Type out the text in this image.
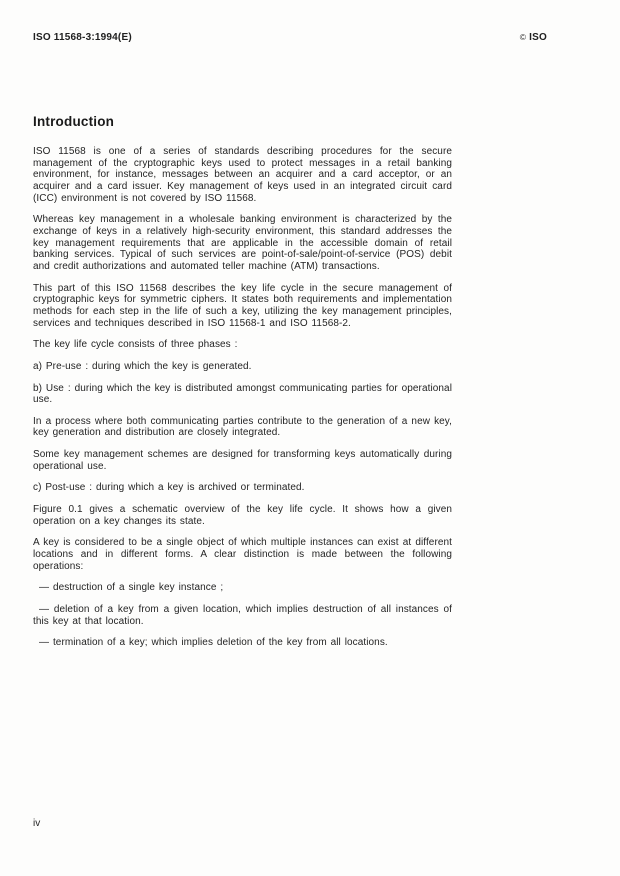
ISO 11568-3:1994(E)	© ISO
Introduction

ISO 11568 is one of a series of standards describing procedures for the secure management of the cryptographic keys used to protect messages in a retail banking environment, for instance, messages between an acquirer and a card acceptor, or an acquirer and a card issuer. Key management of keys used in an integrated circuit card (ICC) environment is not covered by ISO 11568.

Whereas key management in a wholesale banking environment is characterized by the exchange of keys in a relatively high-security environment, this standard addresses the key management requirements that are applicable in the accessible domain of retail banking services. Typical of such services are point-of-sale/point-of-service (POS) debit and credit authorizations and automated teller machine (ATM) transactions.

This part of this ISO 11568 describes the key life cycle in the secure management of cryptographic keys for symmetric ciphers. It states both requirements and implementation methods for each step in the life of such a key, utilizing the key management principles, services and techniques described in ISO 11568-1 and ISO 11568-2.

The key life cycle consists of three phases :

a) Pre-use : during which the key is generated.

b) Use : during which the key is distributed amongst communicating parties for operational use.

In a process where both communicating parties contribute to the generation of a new key, key generation and distribution are closely integrated.

Some key management schemes are designed for transforming keys automatically during operational use.

c) Post-use : during which a key is archived or terminated.

Figure 0.1 gives a schematic overview of the key life cycle. It shows how a given operation on a key changes its state.

A key is considered to be a single object of which multiple instances can exist at different locations and in different forms. A clear distinction is made between the following operations:

— destruction of a single key instance ;

— deletion of a key from a given location, which implies destruction of all instances of this key at that location.

— termination of a key; which implies deletion of the key from all locations.

iv
